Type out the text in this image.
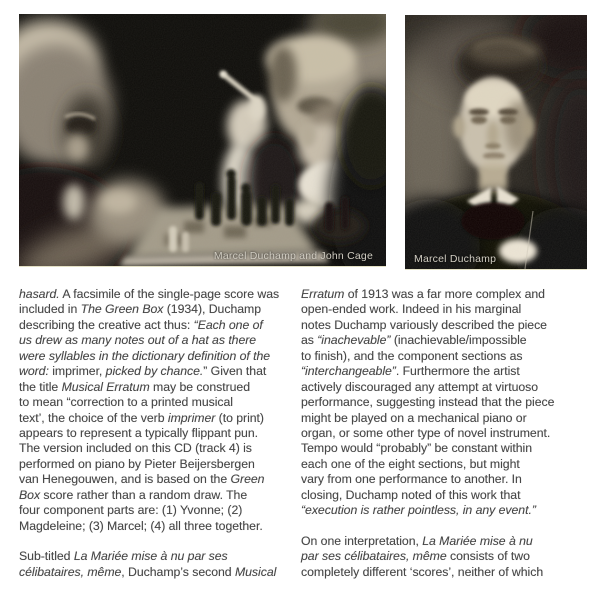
Marcel Duchamp and John Cage	Marcel Duchamp

hasard. A facsimile of the single-page score was
included in The Green Box (1934), Duchamp
describing the creative act thus: “Each one of
us drew as many notes out of a hat as there
were syllables in the dictionary definition of the
word: imprimer, picked by chance.” Given that
the title Musical Erratum may be construed
to mean “correction to a printed musical
text’, the choice of the verb imprimer (to print)
appears to represent a typically flippant pun.
The version included on this CD (track 4) is
performed on piano by Pieter Beijersbergen
van Henegouwen, and is based on the Green
Box score rather than a random draw. The
four component parts are: (1) Yvonne; (2)
Magdeleine; (3) Marcel; (4) all three together.

Sub-titled La Mariée mise à nu par ses
célibataires, même, Duchamp’s second Musical

Erratum of 1913 was a far more complex and
open-ended work. Indeed in his marginal
notes Duchamp variously described the piece
as “inachevable” (inachievable/impossible
to finish), and the component sections as
“interchangeable”. Furthermore the artist
actively discouraged any attempt at virtuoso
performance, suggesting instead that the piece
might be played on a mechanical piano or
organ, or some other type of novel instrument.
Tempo would “probably” be constant within
each one of the eight sections, but might
vary from one performance to another. In
closing, Duchamp noted of this work that
“execution is rather pointless, in any event.”

On one interpretation, La Mariée mise à nu
par ses célibataires, même consists of two
completely different ‘scores’, neither of which
